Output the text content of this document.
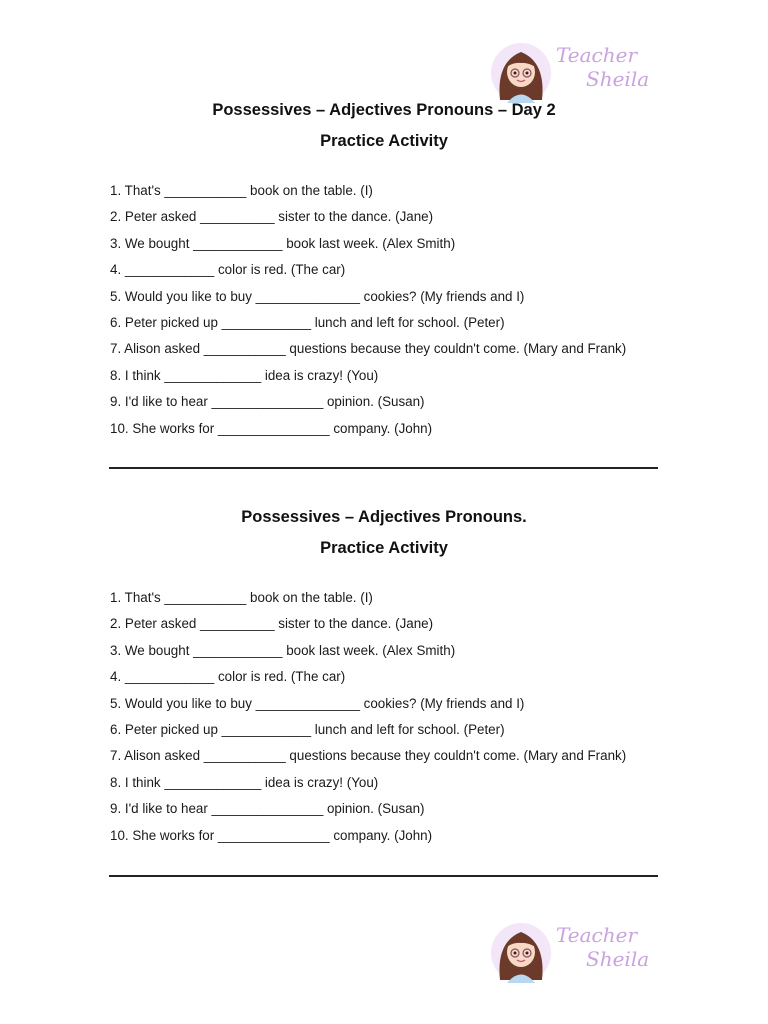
Teacher
Sheila
Possessives – Adjectives Pronouns – Day 2
Practice Activity
1. That's ___________ book on the table. (I)
2. Peter asked __________ sister to the dance. (Jane)
3. We bought ____________ book last week. (Alex Smith)
4. ____________ color is red. (The car)
5. Would you like to buy ______________ cookies? (My friends and I)
6. Peter picked up ____________ lunch and left for school. (Peter)
7. Alison asked ___________ questions because they couldn't come. (Mary and Frank)
8. I think _____________ idea is crazy! (You)
9. I'd like to hear _______________ opinion. (Susan)
10. She works for _______________ company. (John)
Possessives – Adjectives Pronouns.
Practice Activity
1. That's ___________ book on the table. (I)
2. Peter asked __________ sister to the dance. (Jane)
3. We bought ____________ book last week. (Alex Smith)
4. ____________ color is red. (The car)
5. Would you like to buy ______________ cookies? (My friends and I)
6. Peter picked up ____________ lunch and left for school. (Peter)
7. Alison asked ___________ questions because they couldn't come. (Mary and Frank)
8. I think _____________ idea is crazy! (You)
9. I'd like to hear _______________ opinion. (Susan)
10. She works for _______________ company. (John)
Teacher
Sheila
